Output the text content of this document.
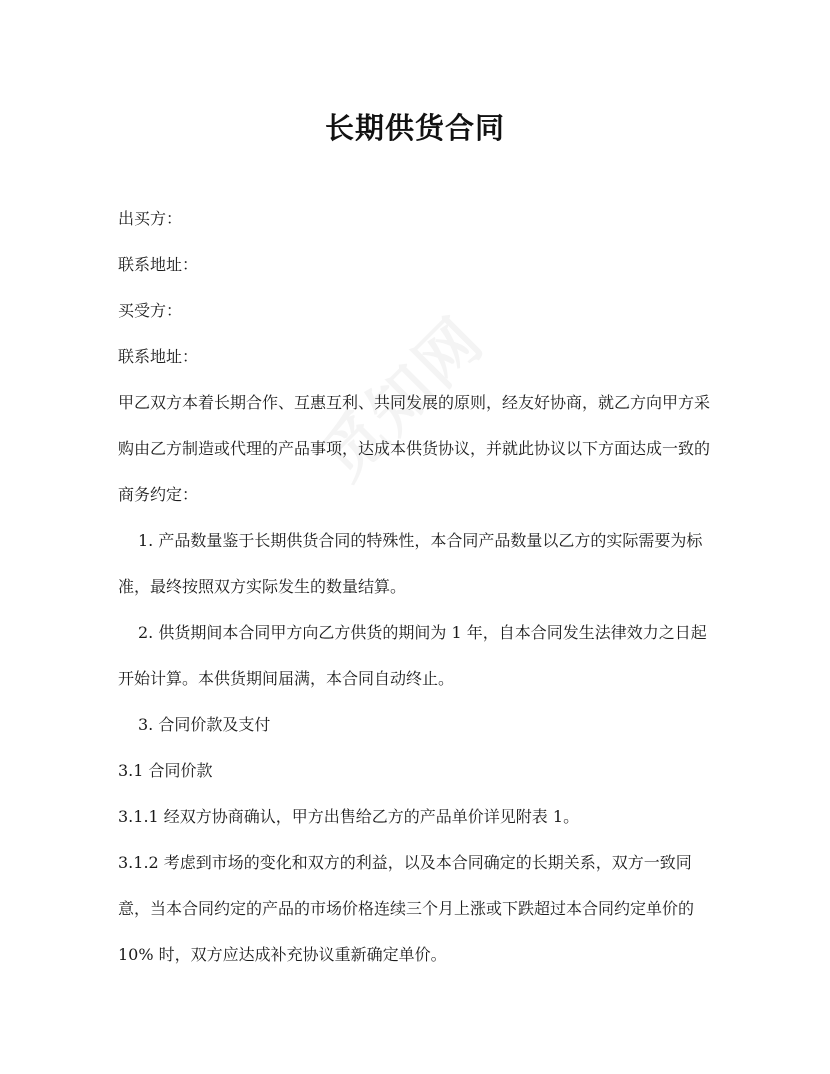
长期供货合同

出买方：

联系地址：

买受方：

联系地址：

甲乙双方本着长期合作、互惠互利、共同发展的原则，经友好协商，就乙方向甲方采购由乙方制造或代理的产品事项，达成本供货协议，并就此协议以下方面达成一致的商务约定：

1. 产品数量鉴于长期供货合同的特殊性，本合同产品数量以乙方的实际需要为标准，最终按照双方实际发生的数量结算。

2. 供货期间本合同甲方向乙方供货的期间为 1 年，自本合同发生法律效力之日起开始计算。本供货期间届满，本合同自动终止。

3. 合同价款及支付

3.1 合同价款

3.1.1 经双方协商确认，甲方出售给乙方的产品单价详见附表 1。

3.1.2 考虑到市场的变化和双方的利益，以及本合同确定的长期关系，双方一致同意，当本合同约定的产品的市场价格连续三个月上涨或下跌超过本合同约定单价的 10% 时，双方应达成补充协议重新确定单价。
